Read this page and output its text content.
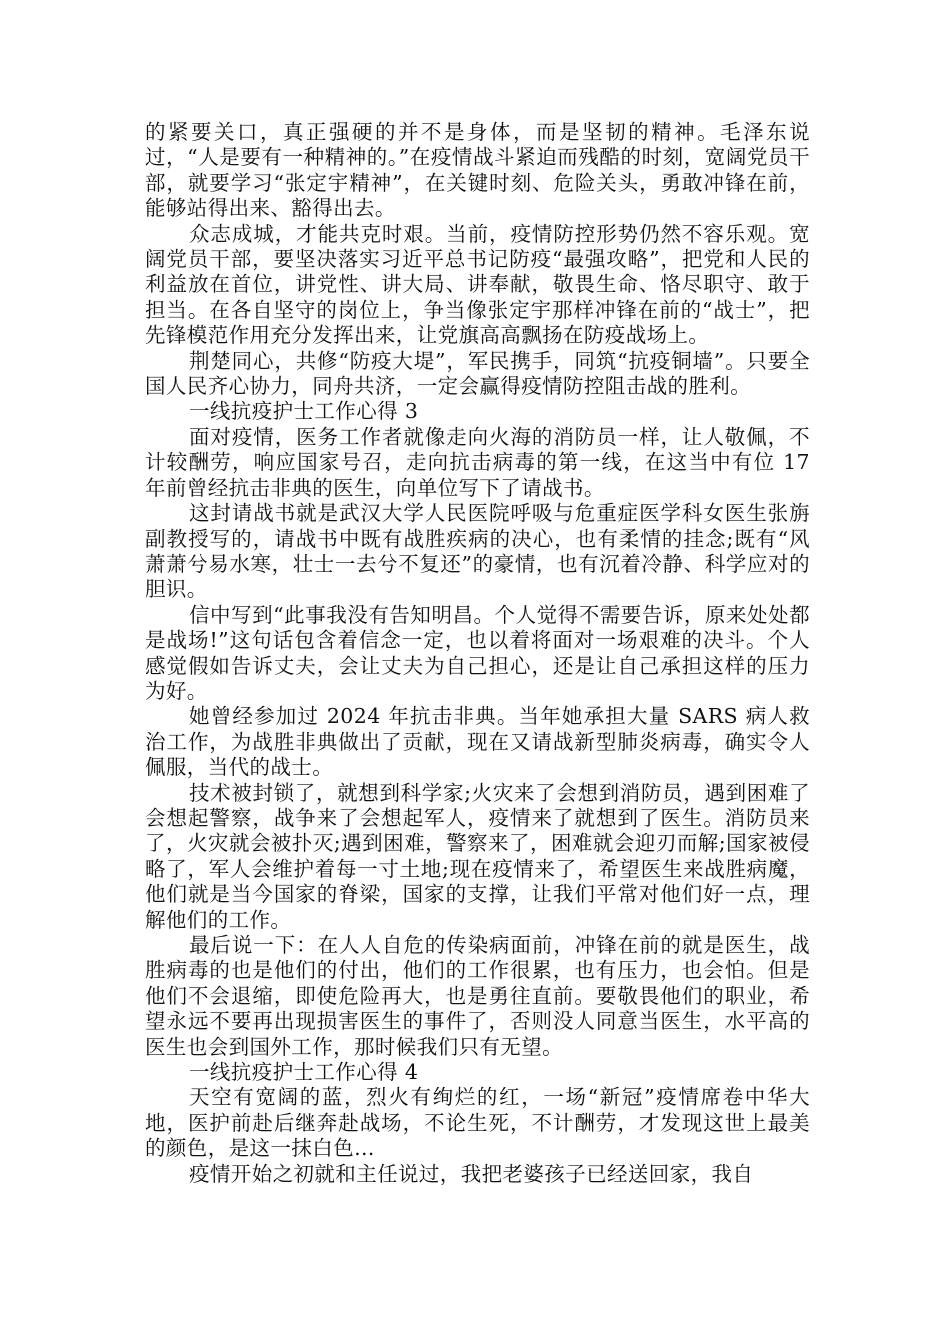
的紧要关口，真正强硬的并不是身体，而是坚韧的精神。毛泽东说过，“人是要有一种精神的。”在疫情战斗紧迫而残酷的时刻，宽阔党员干部，就要学习“张定宇精神”，在关键时刻、危险关头，勇敢冲锋在前，能够站得出来、豁得出去。

众志成城，才能共克时艰。当前，疫情防控形势仍然不容乐观。宽阔党员干部，要坚决落实习近平总书记防疫“最强攻略”，把党和人民的利益放在首位，讲党性、讲大局、讲奉献，敬畏生命、恪尽职守、敢于担当。在各自坚守的岗位上，争当像张定宇那样冲锋在前的“战士”，把先锋模范作用充分发挥出来，让党旗高高飘扬在防疫战场上。

荆楚同心，共修“防疫大堤”，军民携手，同筑“抗疫铜墙”。只要全国人民齐心协力，同舟共济，一定会赢得疫情防控阻击战的胜利。

一线抗疫护士工作心得 3

面对疫情，医务工作者就像走向火海的消防员一样，让人敬佩，不计较酬劳，响应国家号召，走向抗击病毒的第一线，在这当中有位 17 年前曾经抗击非典的医生，向单位写下了请战书。

这封请战书就是武汉大学人民医院呼吸与危重症医学科女医生张旃副教授写的，请战书中既有战胜疾病的决心，也有柔情的挂念;既有“风萧萧兮易水寒，壮士一去兮不复还”的豪情，也有沉着冷静、科学应对的胆识。

信中写到“此事我没有告知明昌。个人觉得不需要告诉，原来处处都是战场!”这句话包含着信念一定，也以着将面对一场艰难的决斗。个人感觉假如告诉丈夫，会让丈夫为自己担心，还是让自己承担这样的压力为好。

她曾经参加过 2024 年抗击非典。当年她承担大量 SARS 病人救治工作，为战胜非典做出了贡献，现在又请战新型肺炎病毒，确实令人佩服，当代的战士。

技术被封锁了，就想到科学家;火灾来了会想到消防员，遇到困难了会想起警察，战争来了会想起军人，疫情来了就想到了医生。消防员来了，火灾就会被扑灭;遇到困难，警察来了，困难就会迎刃而解;国家被侵略了，军人会维护着每一寸土地;现在疫情来了，希望医生来战胜病魔，他们就是当今国家的脊梁，国家的支撑，让我们平常对他们好一点，理解他们的工作。

最后说一下：在人人自危的传染病面前，冲锋在前的就是医生，战胜病毒的也是他们的付出，他们的工作很累，也有压力，也会怕。但是他们不会退缩，即使危险再大，也是勇往直前。要敬畏他们的职业，希望永远不要再出现损害医生的事件了，否则没人同意当医生，水平高的医生也会到国外工作，那时候我们只有无望。

一线抗疫护士工作心得 4

天空有宽阔的蓝，烈火有绚烂的红，一场“新冠”疫情席卷中华大地，医护前赴后继奔赴战场，不论生死，不计酬劳，才发现这世上最美的颜色，是这一抹白色…

疫情开始之初就和主任说过，我把老婆孩子已经送回家，我自
